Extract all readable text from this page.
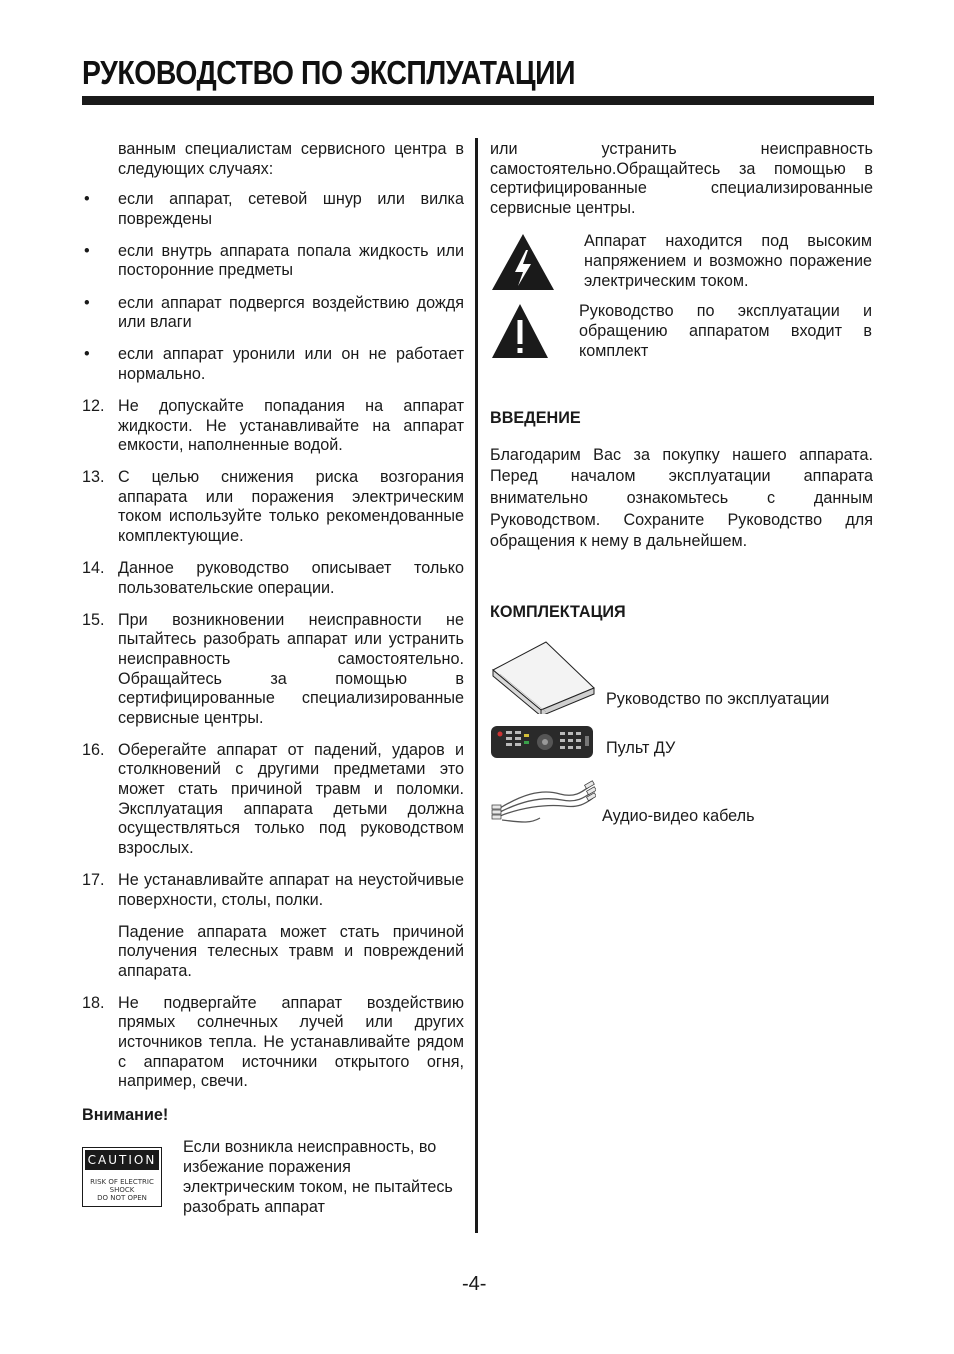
РУКОВОДСТВО ПО ЭКСПЛУАТАЦИИ

ванным специалистам сервисного центра в следующих случаях:

•	если аппарат, сетевой шнур или вилка повреждены
•	если внутрь аппарата попала жидкость или посторонние предметы
•	если аппарат подвергся воздействию дождя или влаги
•	если аппарат уронили или он не работает нормально.
12. Не допускайте попадания на аппарат жидкости. Не устанавливайте на аппарат емкости, наполненные водой.
13. С целью снижения риска возгорания аппарата или поражения электрическим током используйте только рекомендованные комплектующие.
14. Данное руководство описывает только пользовательские операции.
15. При возникновении неисправности не пытайтесь разобрать аппарат или устранить неисправность самостоятельно. Обращайтесь за помощью в сертифицированные специализированные сервисные центры.
16. Оберегайте аппарат от падений, ударов и столкновений с другими предметами это может стать причиной травм и поломки. Эксплуатация аппарата детьми должна осуществляться только под руководством взрослых.
17. Не устанавливайте аппарат на неустойчивые поверхности, столы, полки.

Падение аппарата может стать причиной получения телесных травм и повреждений аппарата.

18. Не подвергайте аппарат воздействию прямых солнечных лучей или других источников тепла. Не устанавливайте рядом с аппаратом источники открытого огня, например, свечи.

Внимание!

CAUTION
RISK OF ELECTRIC SHOCK
DO NOT OPEN

Если возникла неисправность, во избежание поражения электрическим током, не пытайтесь разобрать аппарат

или устранить неисправность самостоятельно.Обращайтесь за помощью в сертифицированные специализированные сервисные центры.

Аппарат находится под высоким напряжением и возможно поражение электрическим током.

Руководство по эксплуатации и обращению аппаратом входит в комплект

ВВЕДЕНИЕ

Благодарим Вас за покупку нашего аппарата. Перед началом эксплуатации аппарата внимательно ознакомьтесь с данным Руководством. Сохраните Руководство для обращения к нему в дальнейшем.

КОМПЛЕКТАЦИЯ

Руководство по эксплуатации
Пульт ДУ
Аудио-видео кабель
-4-
